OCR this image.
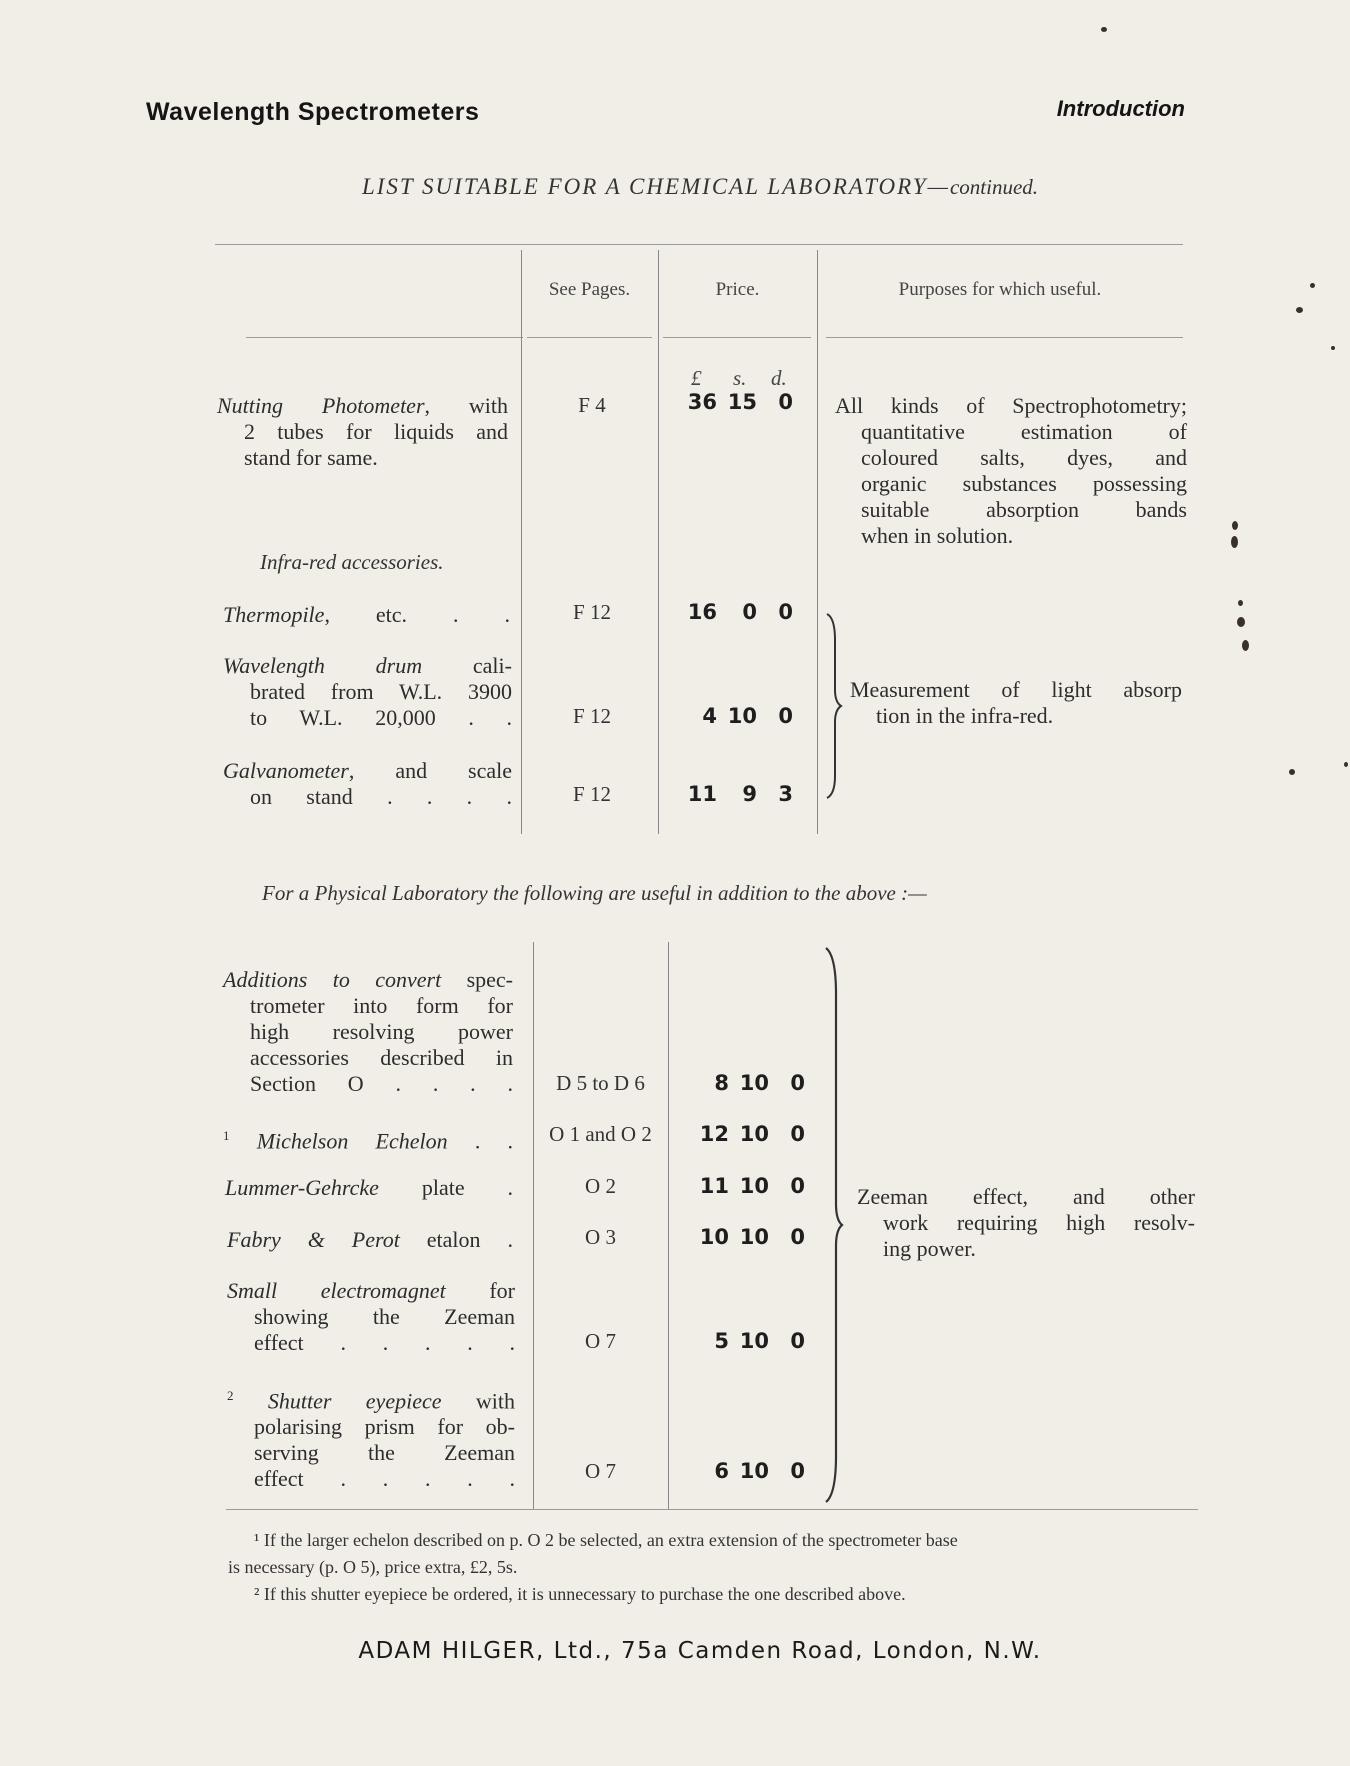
Wavelength Spectrometers	Introduction
LIST SUITABLE FOR A CHEMICAL LABORATORY—continued.
See Pages.	Price.	Purposes for which useful.
£ s. d.
Nutting Photometer, with
2 tubes for liquids and
stand for same.
F 4	36 15 0 All kinds of Spectrophotometry;
quantitative estimation of
coloured salts, dyes, and
organic substances possessing
suitable absorption bands
when in solution.
Infra-red accessories.
Thermopile, etc. . .	F 12	16 0 0
Wavelength drum cali-
brated from W.L. 3900
to W.L. 20,000 . .	F 12	4 10 0
Galvanometer, and scale
on stand . . . .	F 12	11 9 3
Measurement of light absorp
tion in the infra-red.
For a Physical Laboratory the following are useful in addition to the above :—
Additions to convert spec-
trometer into form for
high resolving power
accessories described in
Section O . . . .	D 5 to D 6	8 10 0
$^1$ Michelson Echelon . .	O 1 and O 2	12 10 0
Lummer-Gehrcke plate .	O 2	11 10 0
Fabry & Perot etalon .	O 3	10 10 0
Small electromagnet for
showing the Zeeman
effect . . . . .	O 7	5 10 0
$^2$ Shutter eyepiece with
polarising prism for ob-
serving the Zeeman
effect . . . . .	O 7	6 10 0
Zeeman effect, and other
work requiring high resolv-
ing power.
¹ If the larger echelon described on p. O 2 be selected, an extra extension of the spectrometer base
is necessary (p. O 5), price extra, £2, 5s.
² If this shutter eyepiece be ordered, it is unnecessary to purchase the one described above.
ADAM HILGER, Ltd., 75a Camden Road, London, N.W.
